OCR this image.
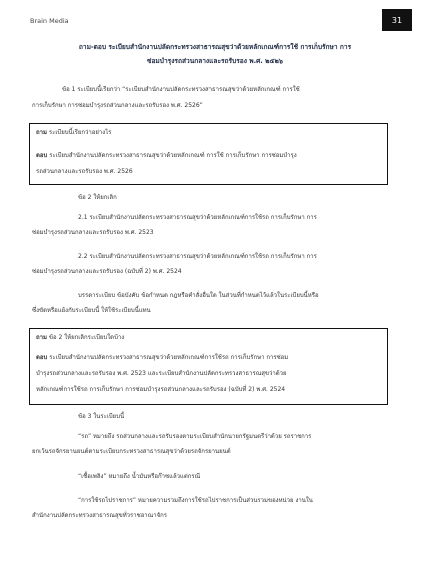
Brain Media	31
ถาม-ตอบ ระเบียบสำนักงานปลัดกระทรวงสาธารณสุขว่าด้วยหลักเกณฑ์การใช้ การเก็บรักษา การ
ซ่อมบำรุงรถส่วนกลางและรถรับรอง พ.ศ. ๒๕๒๖
ข้อ 1 ระเบียบนี้เรียกว่า “ระเบียบสำนักงานปลัดกระทรวงสาธารณสุขว่าด้วยหลักเกณฑ์ การใช้
การเก็บรักษา การซ่อมบำรุงรถส่วนกลางและรถรับรอง พ.ศ. 2526”
ถาม ระเบียบนี้เรียกว่าอย่างไร
ตอบ ระเบียบสำนักงานปลัดกระทรวงสาธารณสุขว่าด้วยหลักเกณฑ์ การใช้ การเก็บรักษา การซ่อมบำรุง
รถส่วนกลางและรถรับรอง พ.ศ. 2526
ข้อ 2 ให้ยกเลิก
2.1 ระเบียบสำนักงานปลัดกระทรวงสาธารณสุขว่าด้วยหลักเกณฑ์การใช้รถ การเก็บรักษา การ
ซ่อมบำรุงรถส่วนกลางและรถรับรอง พ.ศ. 2523
2.2 ระเบียบสำนักงานปลัดกระทรวงสาธารณสุขว่าด้วยหลักเกณฑ์การใช้รถ การเก็บรักษา การ
ซ่อมบำรุงรถส่วนกลางและรถรับรอง (ฉบับที่ 2) พ.ศ. 2524
บรรดาระเบียบ ข้อบังคับ ข้อกำหนด กฎหรือคำสั่งอื่นใด ในส่วนที่กำหนดไว้แล้วในระเบียบนี้หรือ
ซึ่งขัดหรือแย้งกับระเบียบนี้ ให้ใช้ระเบียบนี้แทน
ถาม ข้อ 2 ให้ยกเลิกระเบียบใดบ้าง
ตอบ ระเบียบสำนักงานปลัดกระทรวงสาธารณสุขว่าด้วยหลักเกณฑ์การใช้รถ การเก็บรักษา การซ่อม
บำรุงรถส่วนกลางและรถรับรอง พ.ศ. 2523 และระเบียบสำนักงานปลัดกระทรวงสาธารณสุขว่าด้วย
หลักเกณฑ์การใช้รถ การเก็บรักษา การซ่อมบำรุงรถส่วนกลางและรถรับรอง (ฉบับที่ 2) พ.ศ. 2524
ข้อ 3 ในระเบียบนี้
“รถ” หมายถึง รถส่วนกลางและรถรับรองตามระเบียบสำนักนายกรัฐมนตรีว่าด้วย รถราชการ
ยกเว้นรถจักรยานยนต์ตามระเบียบกระทรวงสาธารณสุขว่าด้วยรถจักรยานยนต์
“เชื้อเพลิง” หมายถึง น้ำมันหรือก๊าซแล้วแต่กรณี
“การใช้รถไปราชการ” หมายความรวมถึงการใช้รถไปราชการเป็นส่วนรวมของหน่วย งานใน
สำนักงานปลัดกระทรวงสาธารณสุขทั่วราชอาณาจักร
